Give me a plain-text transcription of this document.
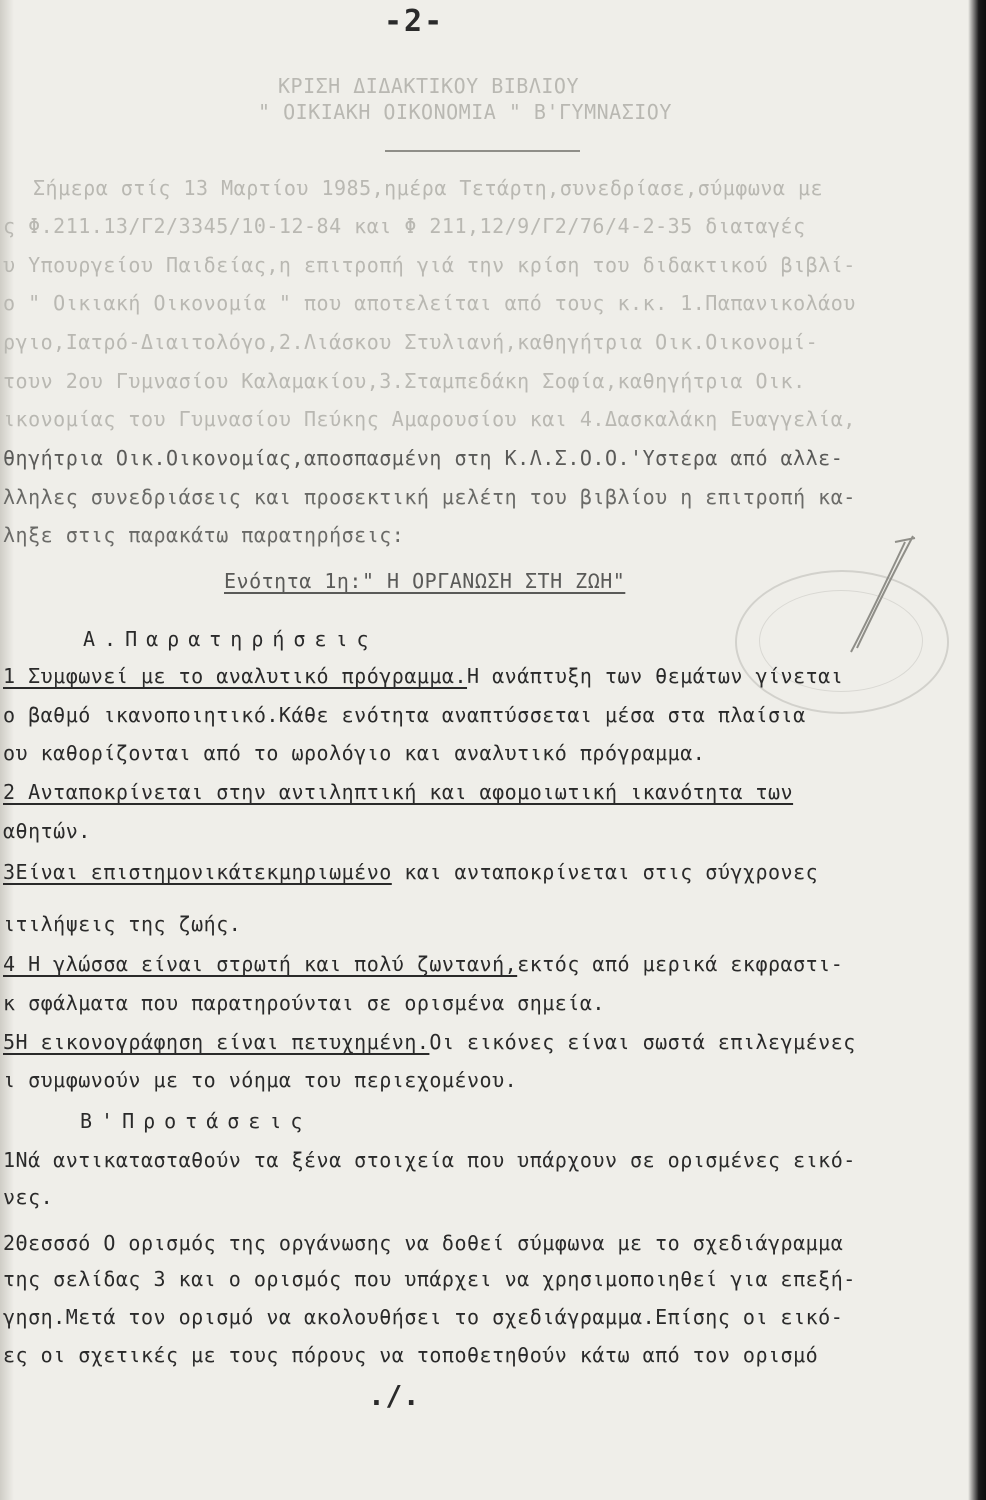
-2-
ΚΡΙΣΗ ΔΙΔΑΚΤΙΚΟΥ ΒΙΒΛΙΟΥ
" ΟΙΚΙΑΚΗ ΟΙΚΟΝΟΜΙΑ " Β'ΓΥΜΝΑΣΙΟΥ
Σήμερα στίς 13 Μαρτίου 1985,ημέρα Τετάρτη,συνεδρίασε,σύμφωνα με
ς Φ.211.13/Γ2/3345/10-12-84 και Φ 211,12/9/Γ2/76/4-2-35 διαταγές
υ Υπουργείου Παιδείας,η επιτροπή γιά την κρίση του διδακτικού βιβλί-
ο " Οικιακή Οικονομία " που αποτελείται από τους κ.κ. 1.Παπανικολάου
ργιο,Ιατρό-Διαιτολόγο,2.Λιάσκου Στυλιανή,καθηγήτρια Οικ.Οικονομί-
τουν 2ου Γυμνασίου Καλαμακίου,3.Σταμπεδάκη Σοφία,καθηγήτρια Οικ.
ικονομίας του Γυμνασίου Πεύκης Αμαρουσίου και 4.Δασκαλάκη Ευαγγελία,
θηγήτρια Οικ.Οικονομίας,αποσπασμένη στη Κ.Λ.Σ.Ο.Ο.'Υστερα από αλλε-
λληλες συνεδριάσεις και προσεκτική μελέτη του βιβλίου η επιτροπή κα-
ληξε στις παρακάτω παρατηρήσεις:
Ενότητα 1η:" Η ΟΡΓΑΝΩΣΗ ΣΤΗ ΖΩΗ"
Α.Παρατηρήσεις
1 Συμφωνεί με το αναλυτικό πρόγραμμα.Η ανάπτυξη των θεμάτων γίνεται
ο βαθμό ικανοποιητικό.Κάθε ενότητα αναπτύσσεται μέσα στα πλαίσια
ου καθορίζονται από το ωρολόγιο και αναλυτικό πρόγραμμα.
2 Ανταποκρίνεται στην αντιληπτική και αφομοιωτική ικανότητα των
αθητών.
3Είναι επιστημονικάτεκμηριωμένο και ανταποκρίνεται στις σύγχρονες
ιτιλήψεις της ζωής.
4 Η γλώσσα είναι στρωτή και πολύ ζωντανή,εκτός από μερικά εκφραστι-
κ σφάλματα που παρατηρούνται σε ορισμένα σημεία.
5Η εικονογράφηση είναι πετυχημένη.Οι εικόνες είναι σωστά επιλεγμένες
ι συμφωνούν με το νόημα του περιεχομένου.
Β'Προτάσεις
1Νά αντικατασταθούν τα ξένα στοιχεία που υπάρχουν σε ορισμένες εικό-
νες.
2Θεσσσό Ο ορισμός της οργάνωσης να δοθεί σύμφωνα με το σχεδιάγραμμα
της σελίδας 3 και ο ορισμός που υπάρχει να χρησιμοποιηθεί για επεξή-
γηση.Μετά τον ορισμό να ακολουθήσει το σχεδιάγραμμα.Επίσης οι εικό-
ες οι σχετικές με τους πόρους να τοποθετηθούν κάτω από τον ορισμό
./.
